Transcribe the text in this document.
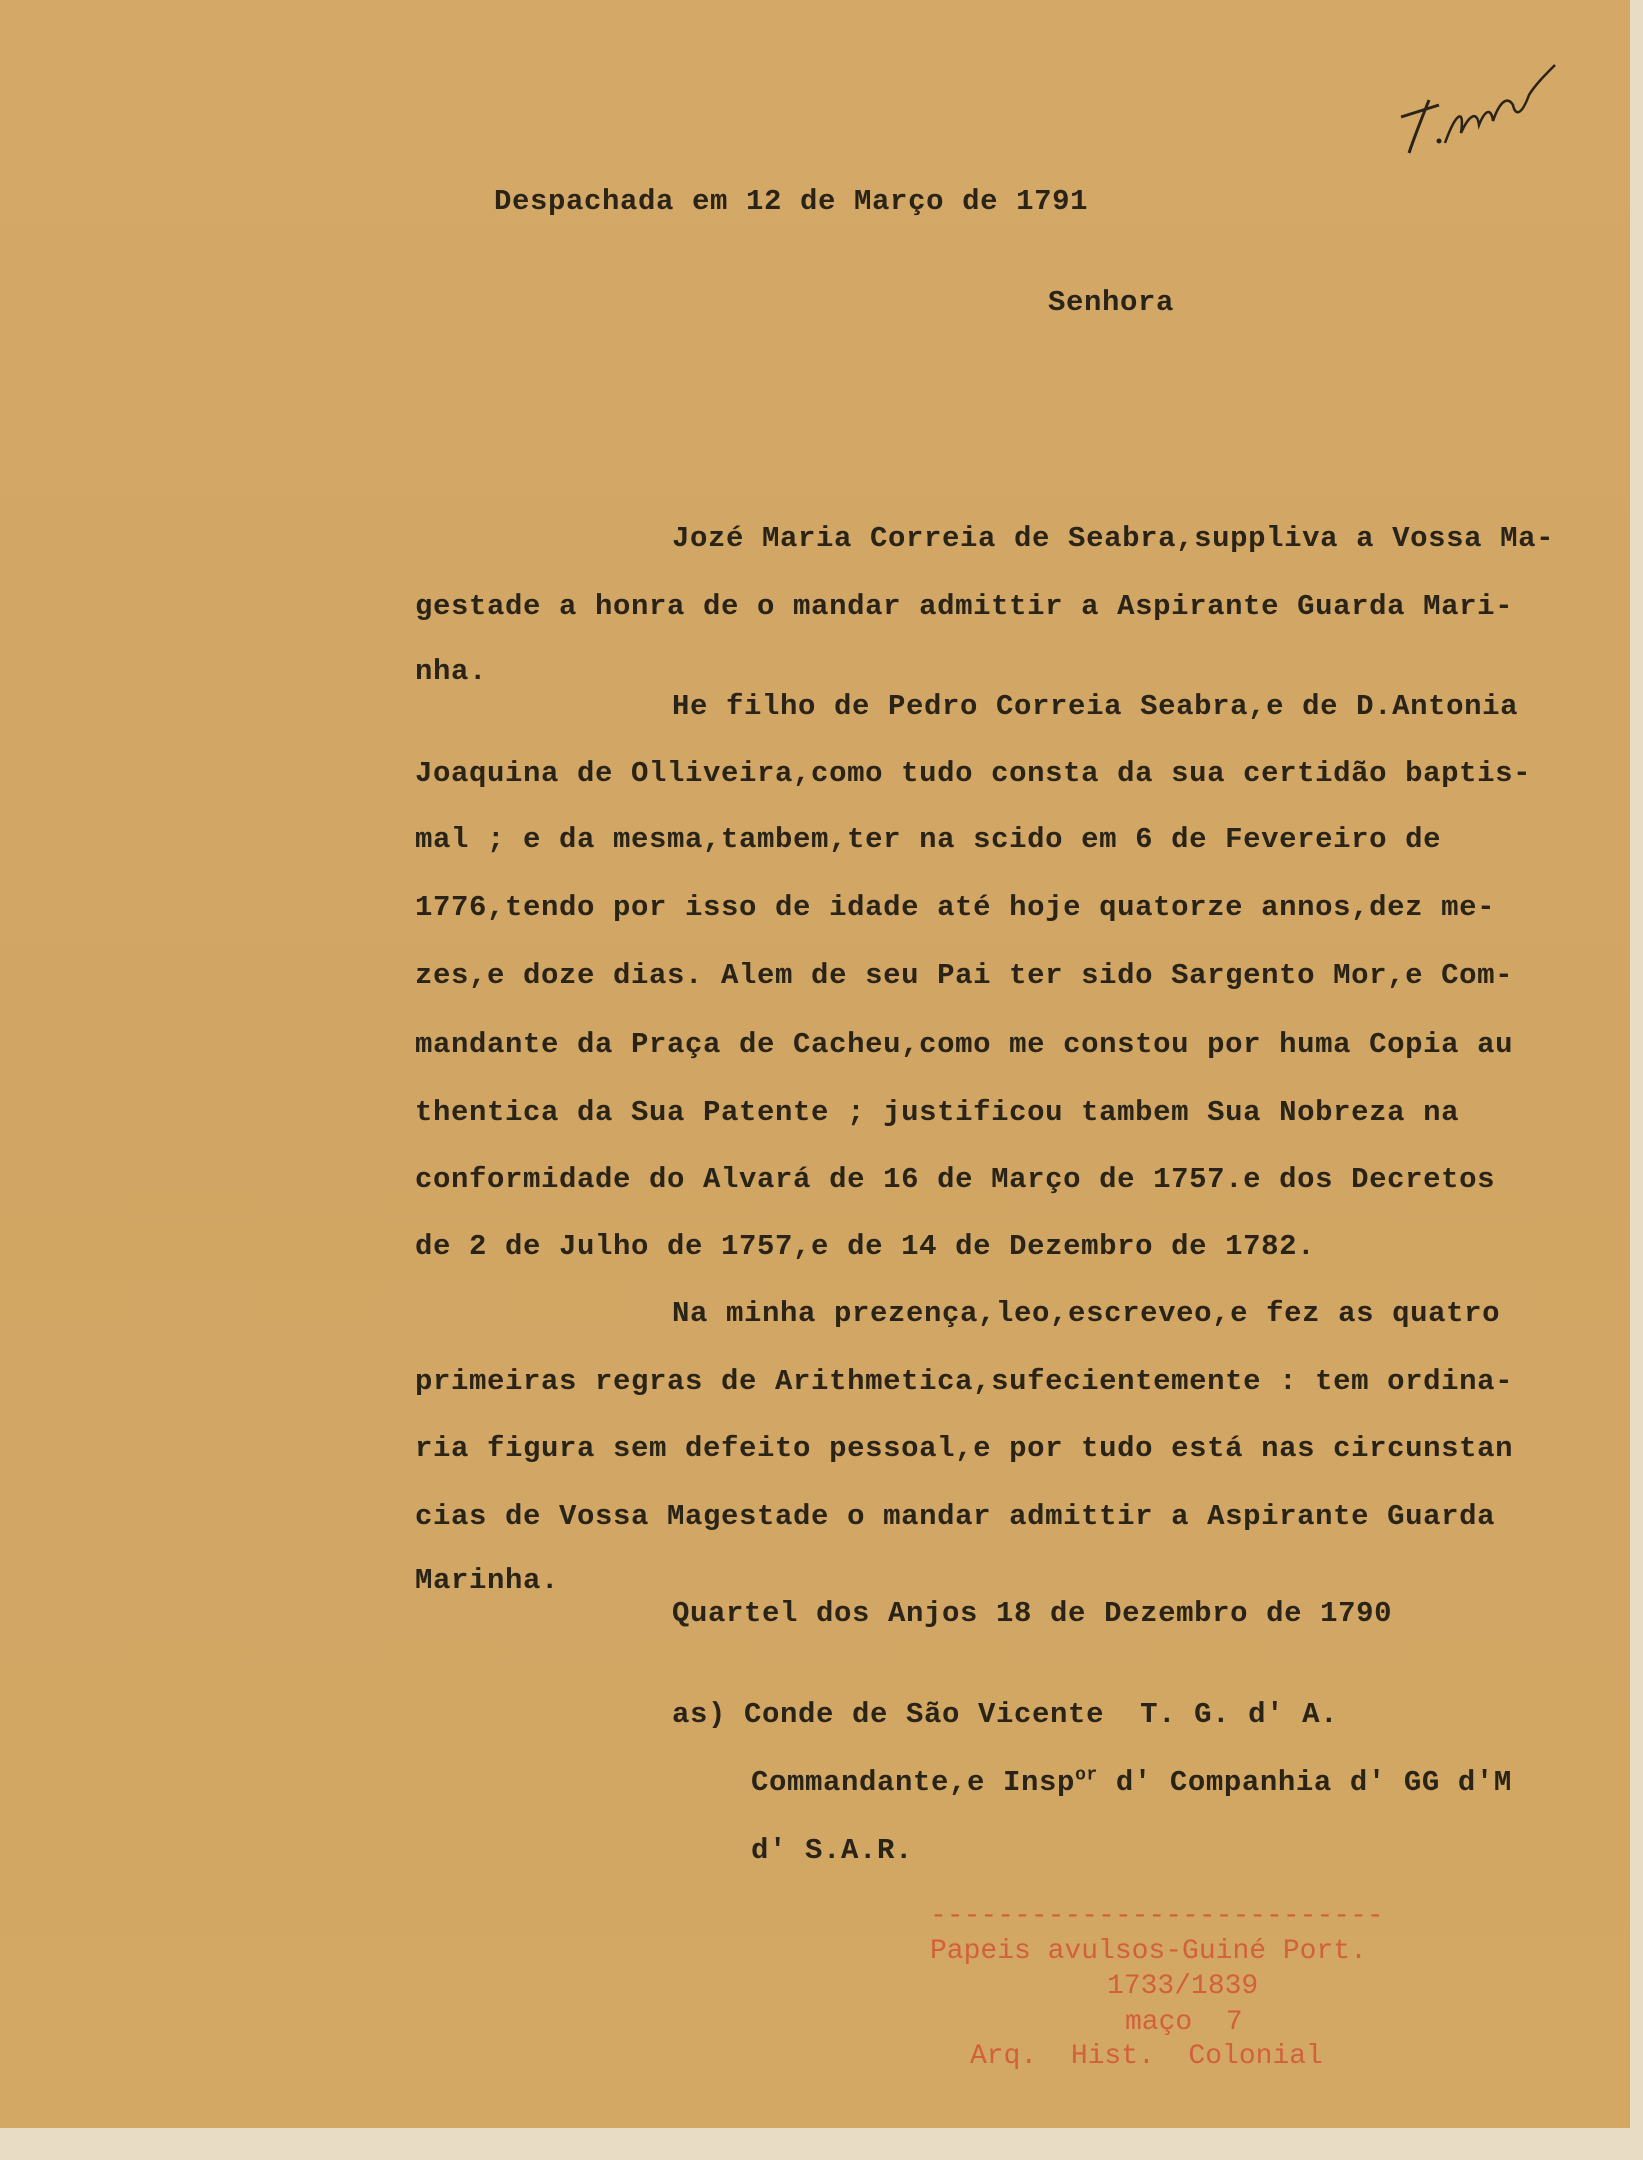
Despachada em 12 de Março de 1791
Senhora
Jozé Maria Correia de Seabra,suppliva a Vossa Ma-
gestade a honra de o mandar admittir a Aspirante Guarda Mari-
nha.
He filho de Pedro Correia Seabra,e de D.Antonia
Joaquina de Olliveira,como tudo consta da sua certidão baptis-
mal ; e da mesma,tambem,ter na scido em 6 de Fevereiro de
1776,tendo por isso de idade até hoje quatorze annos,dez me-
zes,e doze dias. Alem de seu Pai ter sido Sargento Mor,e Com-
mandante da Praça de Cacheu,como me constou por huma Copia au
thentica da Sua Patente ; justificou tambem Sua Nobreza na
conformidade do Alvará de 16 de Março de 1757.e dos Decretos
de 2 de Julho de 1757,e de 14 de Dezembro de 1782.
Na minha prezença,leo,escreveo,e fez as quatro
primeiras regras de Arithmetica,sufecientemente : tem ordina-
ria figura sem defeito pessoal,e por tudo está nas circunstan
cias de Vossa Magestade o mandar admittir a Aspirante Guarda
Marinha.
Quartel dos Anjos 18 de Dezembro de 1790
as) Conde de São Vicente  T. G. d' A.
Commandante,e Insp$^{or}$ d' Companhia d' GG d'M
d' S.A.R.
---------------------------
Papeis avulsos-Guiné Port.
1733/1839
maço  7
Arq.  Hist.  Colonial
